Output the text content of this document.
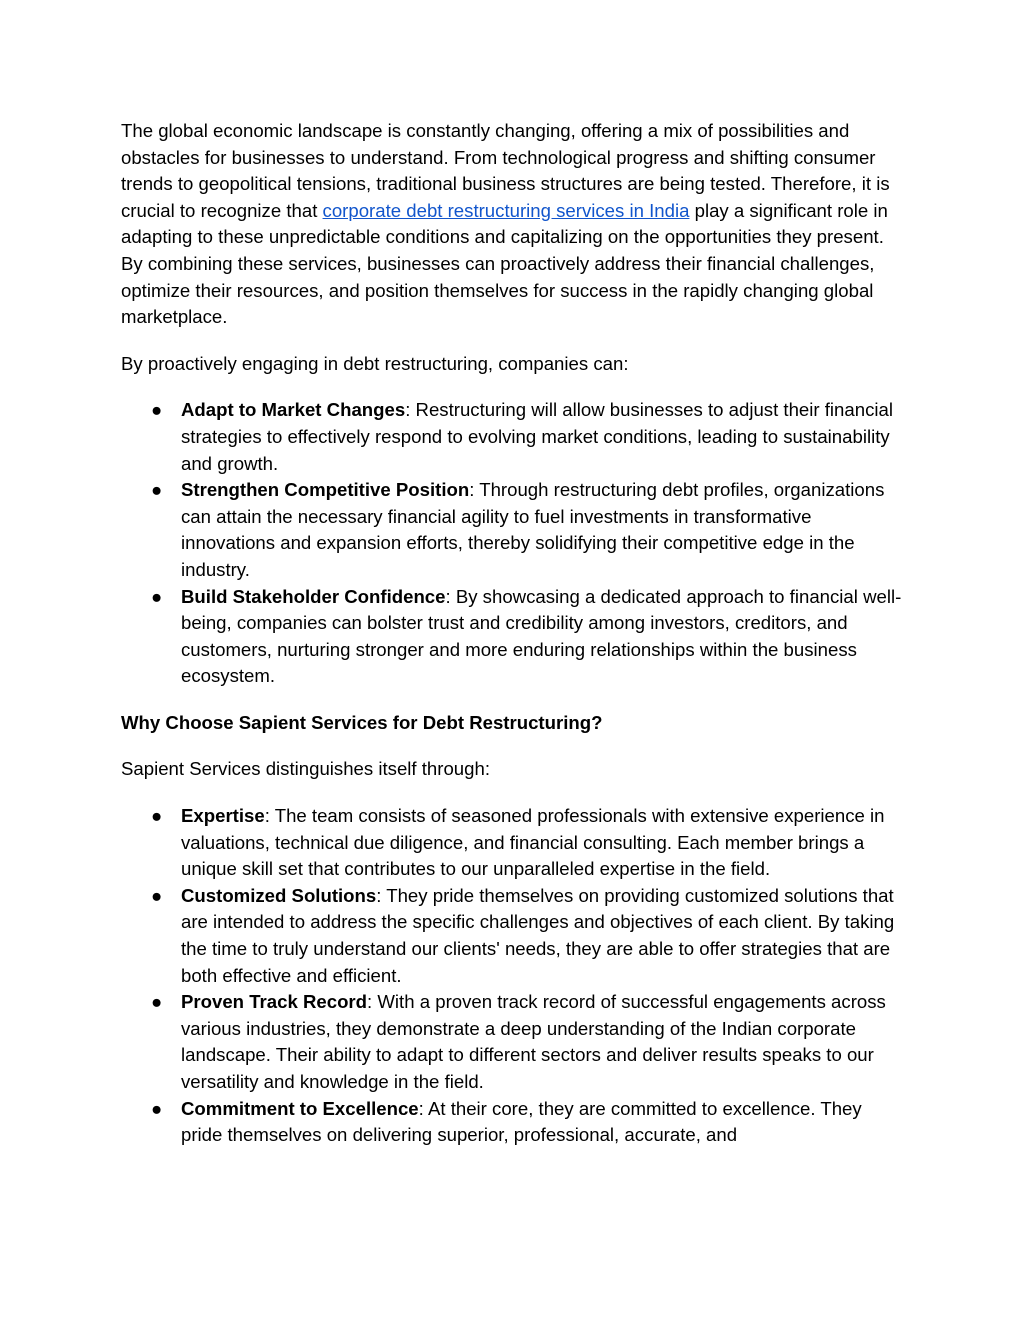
The global economic landscape is constantly changing, offering a mix of possibilities and obstacles for businesses to understand. From technological progress and shifting consumer trends to geopolitical tensions, traditional business structures are being tested. Therefore, it is crucial to recognize that corporate debt restructuring services in India play a significant role in adapting to these unpredictable conditions and capitalizing on the opportunities they present. By combining these services, businesses can proactively address their financial challenges, optimize their resources, and position themselves for success in the rapidly changing global marketplace.

By proactively engaging in debt restructuring, companies can:

● Adapt to Market Changes: Restructuring will allow businesses to adjust their financial strategies to effectively respond to evolving market conditions, leading to sustainability and growth.
● Strengthen Competitive Position: Through restructuring debt profiles, organizations can attain the necessary financial agility to fuel investments in transformative innovations and expansion efforts, thereby solidifying their competitive edge in the industry.
● Build Stakeholder Confidence: By showcasing a dedicated approach to financial well-being, companies can bolster trust and credibility among investors, creditors, and customers, nurturing stronger and more enduring relationships within the business ecosystem.
Why Choose Sapient Services for Debt Restructuring?

Sapient Services distinguishes itself through:

● Expertise: The team consists of seasoned professionals with extensive experience in valuations, technical due diligence, and financial consulting. Each member brings a unique skill set that contributes to our unparalleled expertise in the field.
● Customized Solutions: They pride themselves on providing customized solutions that are intended to address the specific challenges and objectives of each client. By taking the time to truly understand our clients' needs, they are able to offer strategies that are both effective and efficient.
● Proven Track Record: With a proven track record of successful engagements across various industries, they demonstrate a deep understanding of the Indian corporate landscape. Their ability to adapt to different sectors and deliver results speaks to our versatility and knowledge in the field.
● Commitment to Excellence: At their core, they are committed to excellence. They pride themselves on delivering superior, professional, accurate, and
